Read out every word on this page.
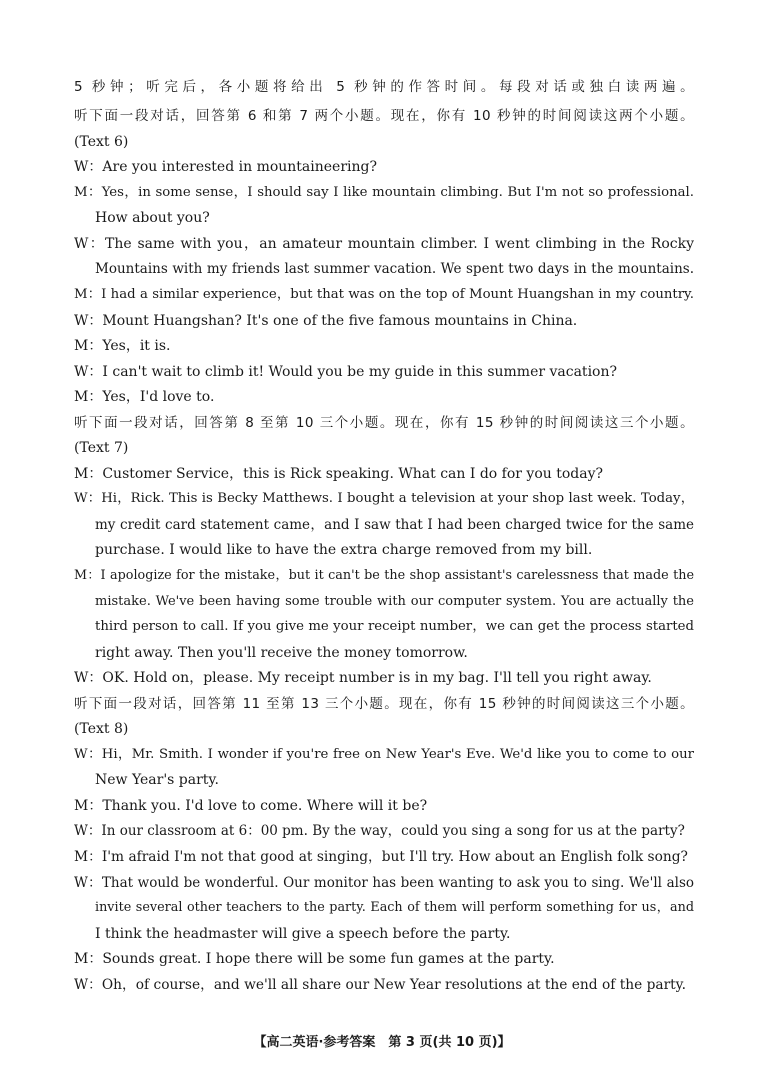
5 秒钟；听完后，各小题将给出 5 秒钟的作答时间。每段对话或独白读两遍。
听下面一段对话，回答第 6 和第 7 两个小题。现在，你有 10 秒钟的时间阅读这两个小题。
(Text 6)
W：Are you interested in mountaineering?
M：Yes，in some sense，I should say I like mountain climbing. But I'm not so professional.
How about you?
W：The same with you，an amateur mountain climber. I went climbing in the Rocky
Mountains with my friends last summer vacation. We spent two days in the mountains.
M：I had a similar experience，but that was on the top of Mount Huangshan in my country.
W：Mount Huangshan? It's one of the five famous mountains in China.
M：Yes，it is.
W：I can't wait to climb it! Would you be my guide in this summer vacation?
M：Yes，I'd love to.
听下面一段对话，回答第 8 至第 10 三个小题。现在，你有 15 秒钟的时间阅读这三个小题。
(Text 7)
M：Customer Service，this is Rick speaking. What can I do for you today?
W：Hi，Rick. This is Becky Matthews. I bought a television at your shop last week. Today，
my credit card statement came，and I saw that I had been charged twice for the same
purchase. I would like to have the extra charge removed from my bill.
M：I apologize for the mistake，but it can't be the shop assistant's carelessness that made the
mistake. We've been having some trouble with our computer system. You are actually the
third person to call. If you give me your receipt number，we can get the process started
right away. Then you'll receive the money tomorrow.
W：OK. Hold on，please. My receipt number is in my bag. I'll tell you right away.
听下面一段对话，回答第 11 至第 13 三个小题。现在，你有 15 秒钟的时间阅读这三个小题。
(Text 8)
W：Hi，Mr. Smith. I wonder if you're free on New Year's Eve. We'd like you to come to our
New Year's party.
M：Thank you. I'd love to come. Where will it be?
W：In our classroom at 6：00 pm. By the way，could you sing a song for us at the party?
M：I'm afraid I'm not that good at singing，but I'll try. How about an English folk song?
W：That would be wonderful. Our monitor has been wanting to ask you to sing. We'll also
invite several other teachers to the party. Each of them will perform something for us，and
I think the headmaster will give a speech before the party.
M：Sounds great. I hope there will be some fun games at the party.
W：Oh，of course，and we'll all share our New Year resolutions at the end of the party.
【高二英语·参考答案　第 3 页(共 10 页)】
